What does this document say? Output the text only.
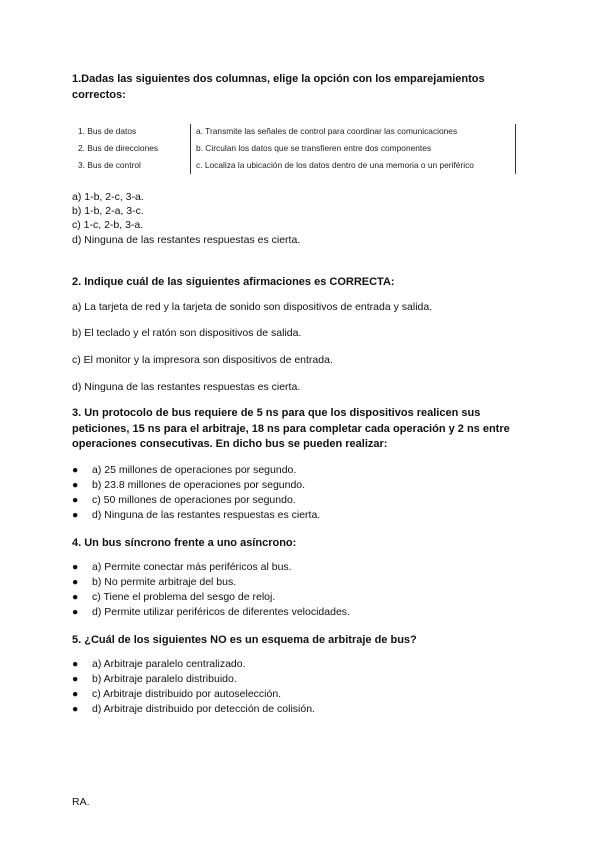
1.Dadas las siguientes dos columnas, elige la opción con los emparejamientos correctos:

1. Bus de datos
2. Bus de direcciones
3. Bus de control
a. Transmite las señales de control para coordinar las comunicaciones
b. Circulan los datos que se transfieren entre dos componentes
c. Localiza la ubicación de los datos dentro de una memoria o un periférico

a) 1-b, 2-c, 3-a.

b) 1-b, 2-a, 3-c.

c) 1-c, 2-b, 3-a.

d) Ninguna de las restantes respuestas es cierta.

2. Indique cuál de las siguientes afirmaciones es CORRECTA:

a) La tarjeta de red y la tarjeta de sonido son dispositivos de entrada y salida.

b) El teclado y el ratón son dispositivos de salida.

c) El monitor y la impresora son dispositivos de entrada.

d) Ninguna de las restantes respuestas es cierta.

3. Un protocolo de bus requiere de 5 ns para que los dispositivos realicen sus peticiones, 15 ns para el arbitraje, 18 ns para completar cada operación y 2 ns entre operaciones consecutivas. En dicho bus se pueden realizar:

● a) 25 millones de operaciones por segundo.
● b) 23.8 millones de operaciones por segundo.
● c) 50 millones de operaciones por segundo.
● d) Ninguna de las restantes respuestas es cierta.

4. Un bus síncrono frente a uno asíncrono:

● a) Permite conectar más periféricos al bus.
● b) No permite arbitraje del bus.
● c) Tiene el problema del sesgo de reloj.
● d) Permite utilizar periféricos de diferentes velocidades.

5. ¿Cuál de los siguientes NO es un esquema de arbitraje de bus?

● a) Arbitraje paralelo centralizado.
● b) Arbitraje paralelo distribuido.
● c) Arbitraje distribuido por autoselección.
● d) Arbitraje distribuido por detección de colisión.
RA.
